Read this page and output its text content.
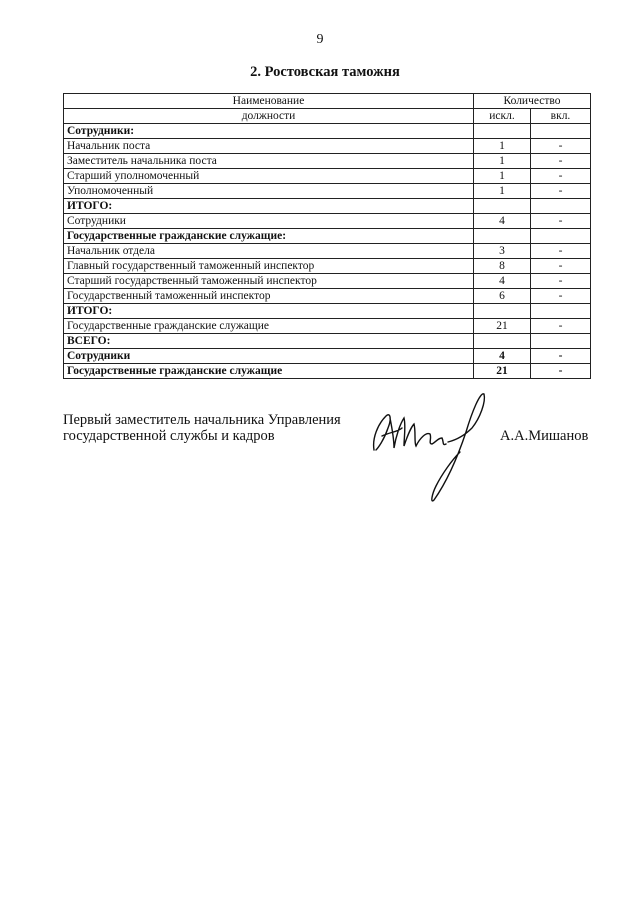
9
2. Ростовская таможня
Наименование	Количество	
должности	искл.	вкл.
Сотрудники:		
Начальник поста	1	-
Заместитель начальника поста	1	-
Старший уполномоченный	1	-
Уполномоченный	1	-
ИТОГО:		
Сотрудники	4	-
Государственные гражданские служащие:		
Начальник отдела	3	-
Главный государственный таможенный инспектор	8	-
Старший государственный таможенный инспектор	4	-
Государственный таможенный инспектор	6	-
ИТОГО:		
Государственные гражданские служащие	21	-
ВСЕГО:		
Сотрудники	4	-
Государственные гражданские служащие	21	-
Первый заместитель начальника Управления
государственной службы и кадров	А.А.Мишанов
